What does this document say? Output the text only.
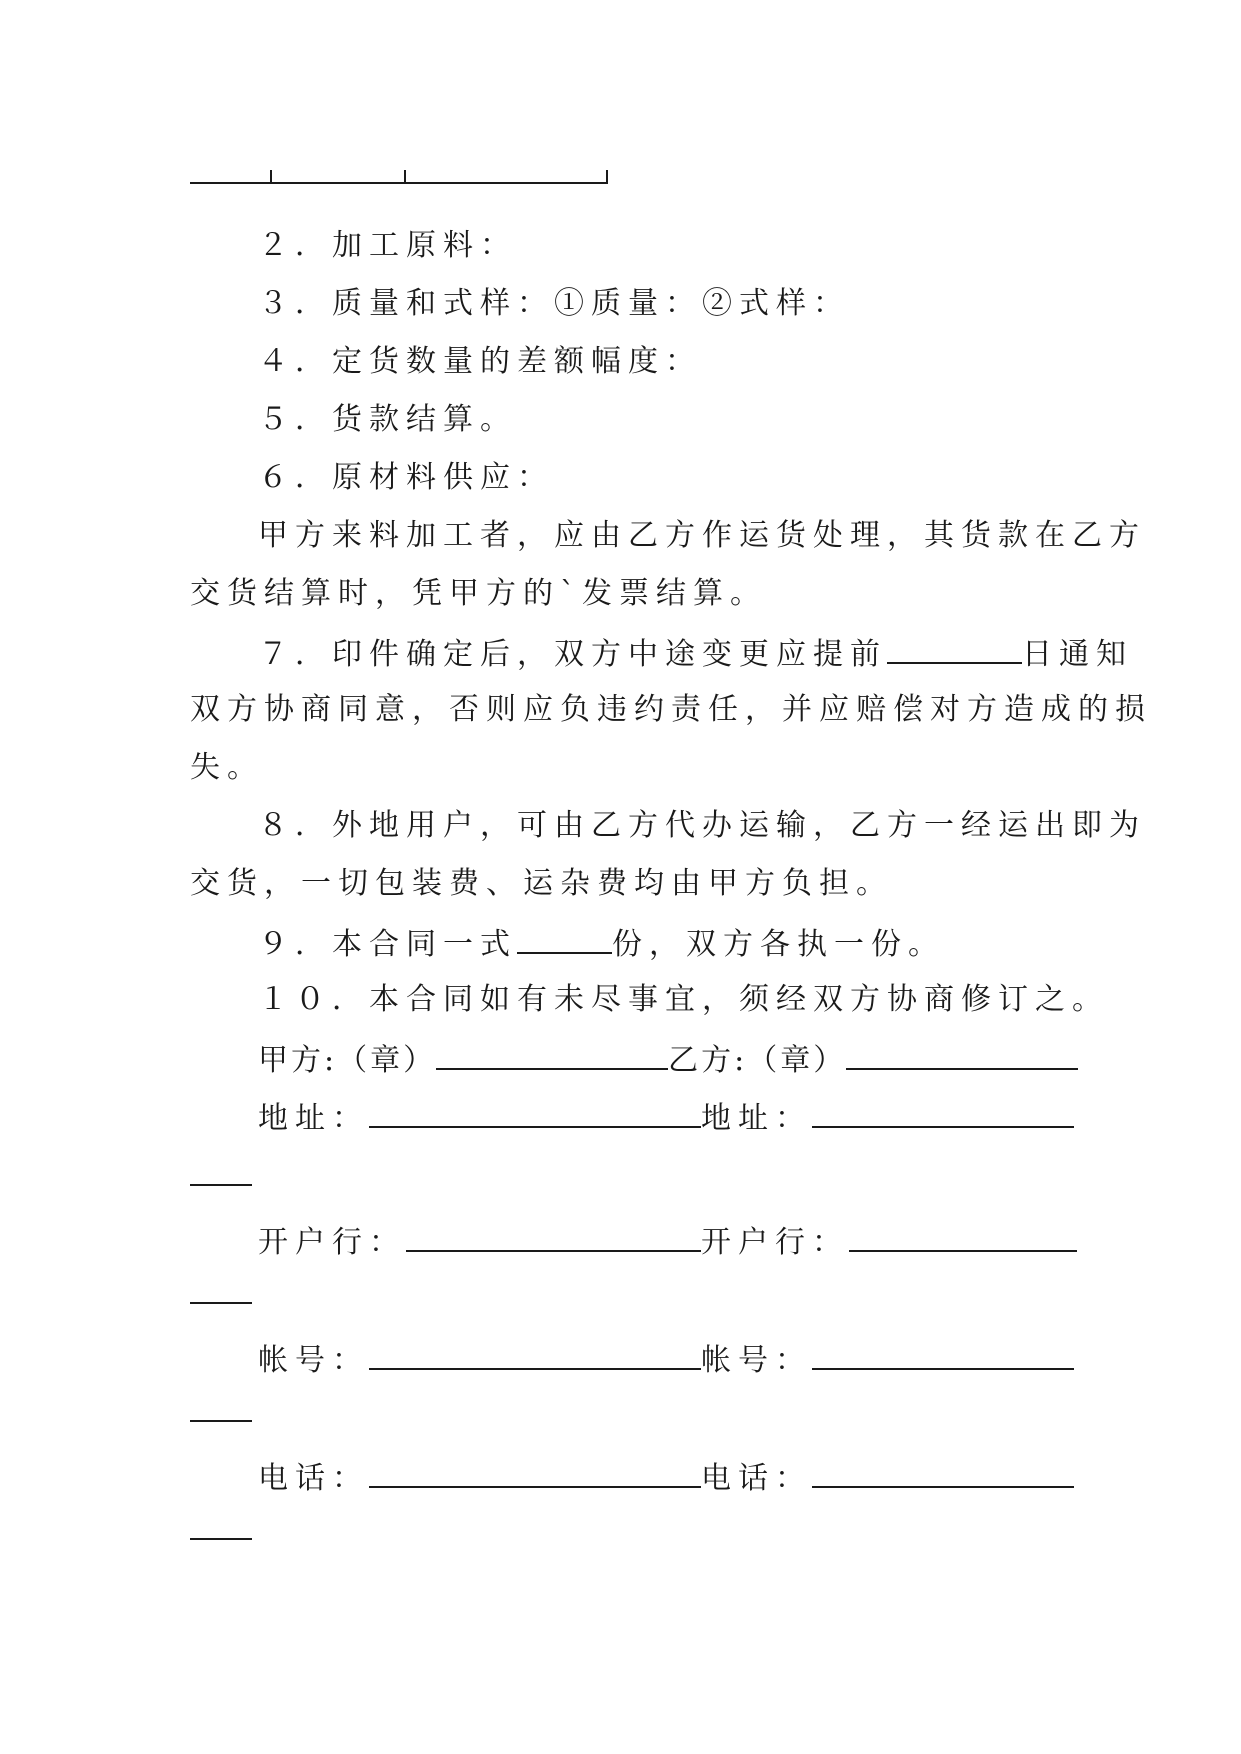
２．加工原料：
３．质量和式样：①质量：②式样：
４．定货数量的差额幅度：
５．货款结算。
６．原材料供应：
甲方来料加工者，应由乙方作运货处理，其货款在乙方
交货结算时，凭甲方的`发票结算。
７．印件确定后，双方中途变更应提前	日通知
双方协商同意，否则应负违约责任，并应赔偿对方造成的损
失。
８．外地用户，可由乙方代办运输，乙方一经运出即为
交货，一切包装费、运杂费均由甲方负担。
９．本合同一式	份，双方各执一份。
１０．本合同如有未尽事宜，须经双方协商修订之。
甲方:（章）	乙方:（章）
地址：	地址：
开户行：	开户行：
帐号：	帐号：
电话：	电话：
